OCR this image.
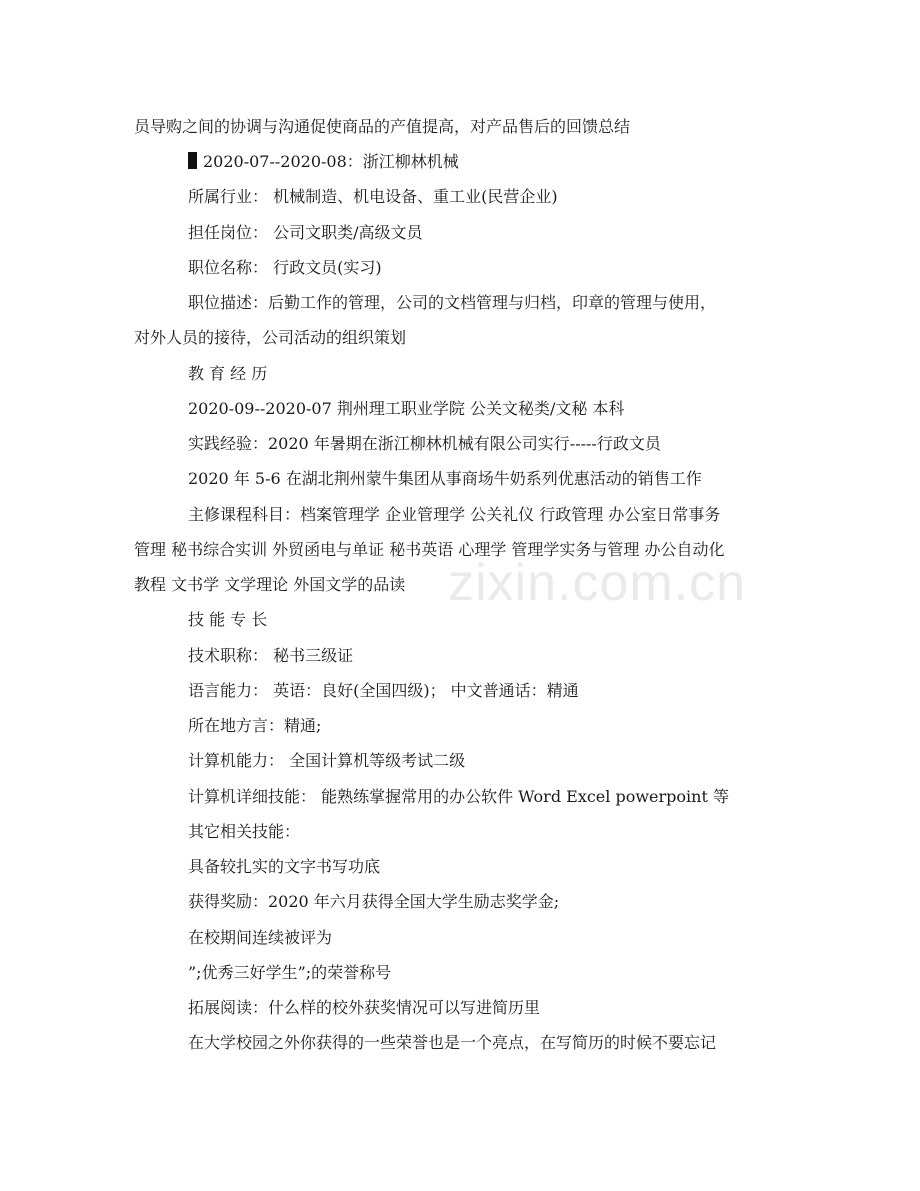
zixin.com.cn
员导购之间的协调与沟通促使商品的产值提高，对产品售后的回馈总结
2020-07--2020-08：浙江柳林机械
所属行业： 机械制造、机电设备、重工业(民营企业)
担任岗位： 公司文职类/高级文员
职位名称： 行政文员(实习)
职位描述：后勤工作的管理，公司的文档管理与归档，印章的管理与使用，
对外人员的接待，公司活动的组织策划
教 育 经 历
2020-09--2020-07 荆州理工职业学院 公关文秘类/文秘 本科
实践经验：2020 年暑期在浙江柳林机械有限公司实行-----行政文员
2020 年 5-6 在湖北荆州蒙牛集团从事商场牛奶系列优惠活动的销售工作
主修课程科目：档案管理学 企业管理学 公关礼仪 行政管理 办公室日常事务
管理 秘书综合实训 外贸函电与单证 秘书英语 心理学 管理学实务与管理 办公自动化
教程 文书学 文学理论 外国文学的品读
技 能 专 长
技术职称： 秘书三级证
语言能力： 英语：良好(全国四级)； 中文普通话：精通
所在地方言：精通;
计算机能力： 全国计算机等级考试二级
计算机详细技能： 能熟练掌握常用的办公软件 Word Excel powerpoint 等
其它相关技能：
具备较扎实的文字书写功底
获得奖励：2020 年六月获得全国大学生励志奖学金;
在校期间连续被评为
”;优秀三好学生”;的荣誉称号
拓展阅读：什么样的校外获奖情况可以写进简历里
在大学校园之外你获得的一些荣誉也是一个亮点，在写简历的时候不要忘记
